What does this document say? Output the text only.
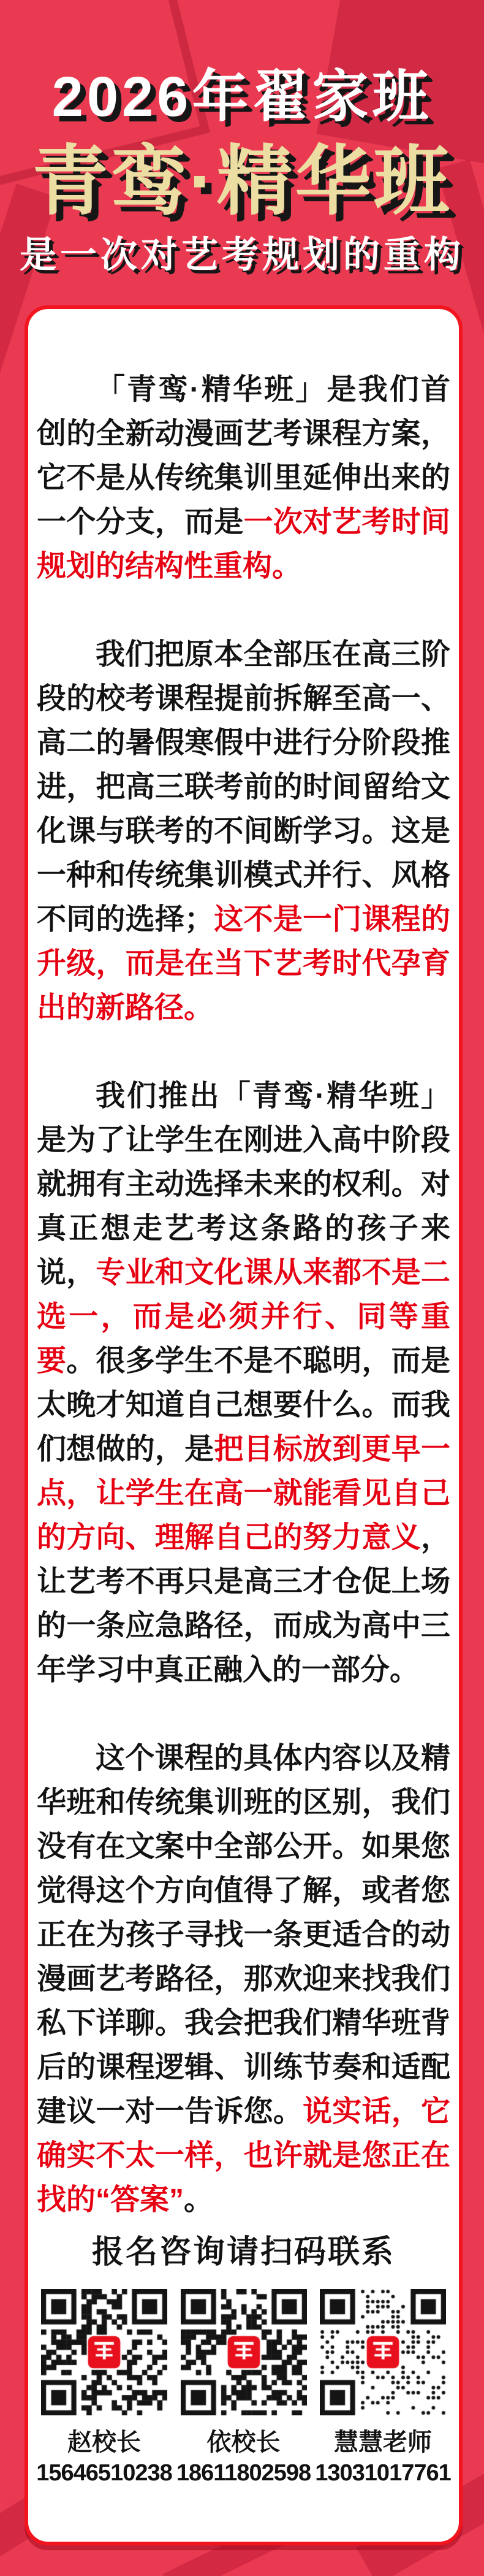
2026年翟家班
青鸾·精华班
是一次对艺考规划的重构

「青鸾·精华班」是我们首创的全新动漫画艺考课程方案，它不是从传统集训里延伸出来的一个分支，而是一次对艺考时间规划的结构性重构。

我们把原本全部压在高三阶段的校考课程提前拆解至高一、高二的暑假寒假中进行分阶段推进，把高三联考前的时间留给文化课与联考的不间断学习。这是一种和传统集训模式并行、风格不同的选择；这不是一门课程的升级，而是在当下艺考时代孕育出的新路径。

我们推出「青鸾·精华班」是为了让学生在刚进入高中阶段就拥有主动选择未来的权利。对真正想走艺考这条路的孩子来说，专业和文化课从来都不是二选一，而是必须并行、同等重要。很多学生不是不聪明，而是太晚才知道自己想要什么。而我们想做的，是把目标放到更早一点，让学生在高一就能看见自己的方向、理解自己的努力意义，让艺考不再只是高三才仓促上场的一条应急路径，而成为高中三年学习中真正融入的一部分。

这个课程的具体内容以及精华班和传统集训班的区别，我们没有在文案中全部公开。如果您觉得这个方向值得了解，或者您正在为孩子寻找一条更适合的动漫画艺考路径，那欢迎来找我们私下详聊。我会把我们精华班背后的课程逻辑、训练节奏和适配建议一对一告诉您。说实话，它确实不太一样，也许就是您正在找的“答案”。

报名咨询请扫码联系
赵校长
15646510238
依校长
18611802598
慧慧老师
13031017761
